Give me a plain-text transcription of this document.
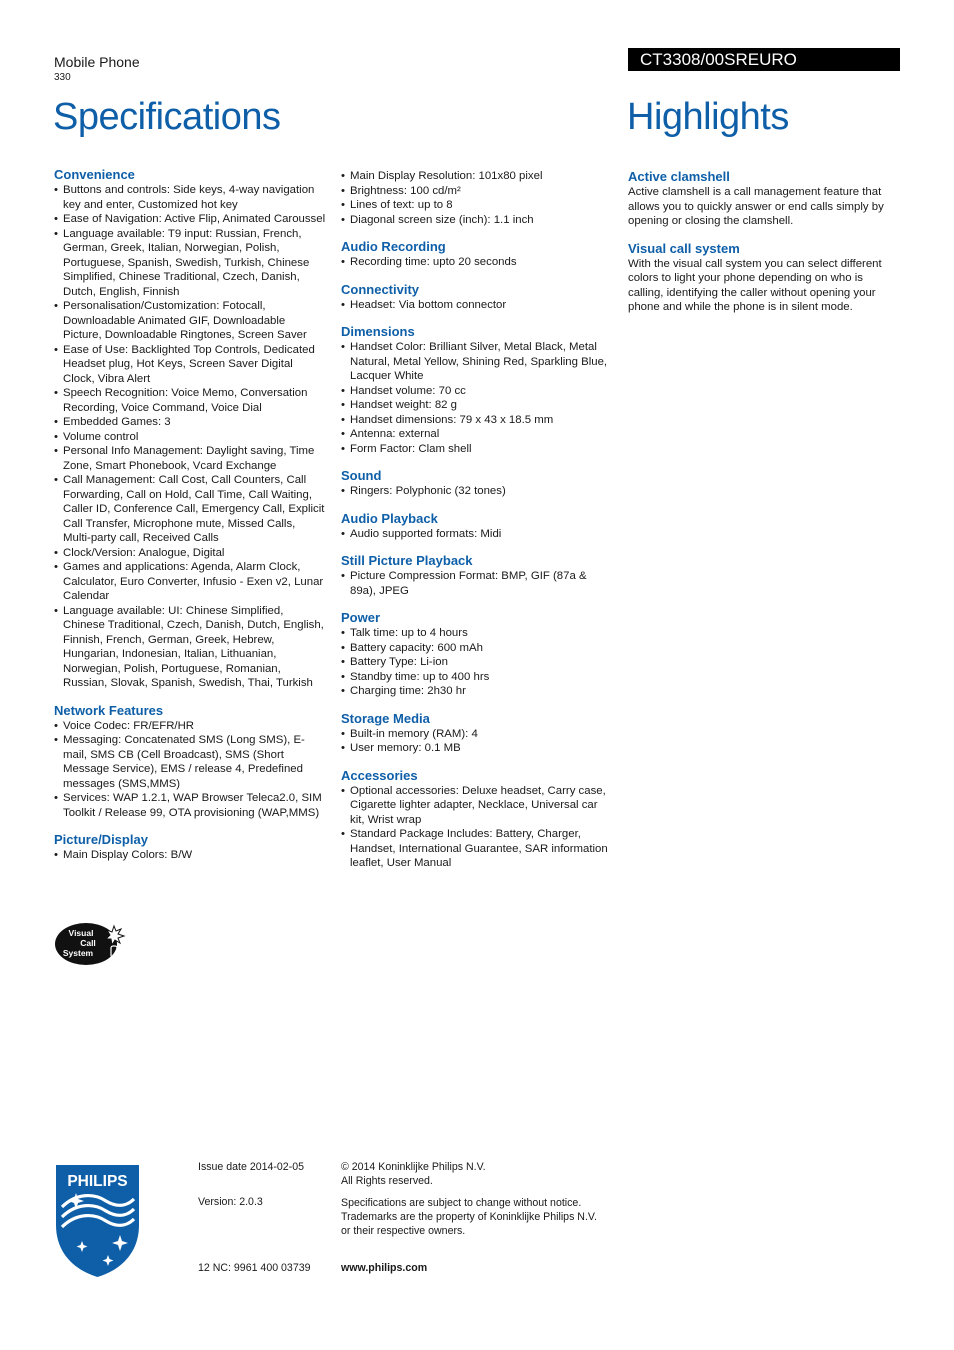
Mobile Phone
330
CT3308/00SREURO
Specifications	Highlights
Convenience
• Buttons and controls: Side keys, 4-way navigation key and enter, Customized hot key
• Ease of Navigation: Active Flip, Animated Caroussel
• Language available: T9 input: Russian, French, German, Greek, Italian, Norwegian, Polish, Portuguese, Spanish, Swedish, Turkish, Chinese Simplified, Chinese Traditional, Czech, Danish, Dutch, English, Finnish
• Personalisation/Customization: Fotocall, Downloadable Animated GIF, Downloadable Picture, Downloadable Ringtones, Screen Saver
• Ease of Use: Backlighted Top Controls, Dedicated Headset plug, Hot Keys, Screen Saver Digital Clock, Vibra Alert
• Speech Recognition: Voice Memo, Conversation Recording, Voice Command, Voice Dial
• Embedded Games: 3
• Volume control
• Personal Info Management: Daylight saving, Time Zone, Smart Phonebook, Vcard Exchange
• Call Management: Call Cost, Call Counters, Call Forwarding, Call on Hold, Call Time, Call Waiting, Caller ID, Conference Call, Emergency Call, Explicit Call Transfer, Microphone mute, Missed Calls, Multi-party call, Received Calls
• Clock/Version: Analogue, Digital
• Games and applications: Agenda, Alarm Clock, Calculator, Euro Converter, Infusio - Exen v2, Lunar Calendar
• Language available: UI: Chinese Simplified, Chinese Traditional, Czech, Danish, Dutch, English, Finnish, French, German, Greek, Hebrew, Hungarian, Indonesian, Italian, Lithuanian, Norwegian, Polish, Portuguese, Romanian, Russian, Slovak, Spanish, Swedish, Thai, Turkish
Network Features
• Voice Codec: FR/EFR/HR
• Messaging: Concatenated SMS (Long SMS), E-mail, SMS CB (Cell Broadcast), SMS (Short Message Service), EMS / release 4, Predefined messages (SMS,MMS)
• Services: WAP 1.2.1, WAP Browser Teleca2.0, SIM Toolkit / Release 99, OTA provisioning (WAP,MMS)
Picture/Display
• Main Display Colors: B/W
• Main Display Resolution: 101x80 pixel
• Brightness: 100 cd/m²
• Lines of text: up to 8
• Diagonal screen size (inch): 1.1 inch
Audio Recording
• Recording time: upto 20 seconds
Connectivity
• Headset: Via bottom connector
Dimensions
• Handset Color: Brilliant Silver, Metal Black, Metal Natural, Metal Yellow, Shining Red, Sparkling Blue, Lacquer White
• Handset volume: 70 cc
• Handset weight: 82 g
• Handset dimensions: 79 x 43 x 18.5 mm
• Antenna: external
• Form Factor: Clam shell
Sound
• Ringers: Polyphonic (32 tones)
Audio Playback
• Audio supported formats: Midi
Still Picture Playback
• Picture Compression Format: BMP, GIF (87a & 89a), JPEG
Power
• Talk time: up to 4 hours
• Battery capacity: 600 mAh
• Battery Type: Li-ion
• Standby time: up to 400 hrs
• Charging time: 2h30 hr
Storage Media
• Built-in memory (RAM): 4
• User memory: 0.1 MB
Accessories
• Optional accessories: Deluxe headset, Carry case, Cigarette lighter adapter, Necklace, Universal car kit, Wrist wrap
• Standard Package Includes: Battery, Charger, Handset, International Guarantee, SAR information leaflet, User Manual
Active clamshell
Active clamshell is a call management feature that allows you to quickly answer or end calls simply by opening or closing the clamshell.
Visual call system
With the visual call system you can select different colors to light your phone depending on who is calling, identifying the caller without opening your phone and while the phone is in silent mode.
Visual
Call
System
PHILIPS
Issue date 2014-02-05
Version: 2.0.3
12 NC: 9961 400 03739
© 2014 Koninklijke Philips N.V.
All Rights reserved.
Specifications are subject to change without notice.
Trademarks are the property of Koninklijke Philips N.V.
or their respective owners.
www.philips.com
